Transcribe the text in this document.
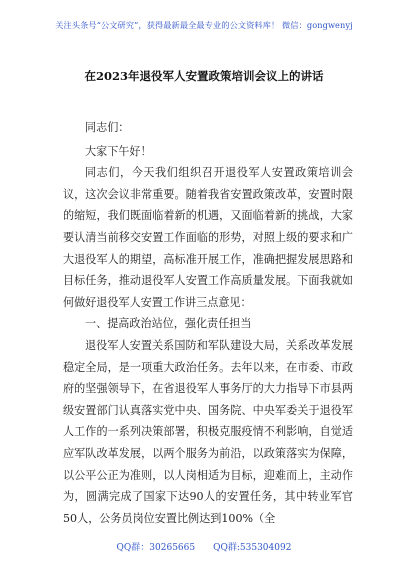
关注头条号“公文研究”，获得最新最全最专业的公文资料库！ 微信：gongwenyj
在2023年退役军人安置政策培训会议上的讲话

同志们：

大家下午好！

同志们，今天我们组织召开退役军人安置政策培训会议，这次会议非常重要。随着我省安置政策改革，安置时限的缩短，我们既面临着新的机遇，又面临着新的挑战，大家要认清当前移交安置工作面临的形势，对照上级的要求和广大退役军人的期望，高标准开展工作，准确把握发展思路和目标任务，推动退役军人安置工作高质量发展。下面我就如何做好退役军人安置工作讲三点意见：

一、提高政治站位，强化责任担当

退役军人安置关系国防和军队建设大局，关系改革发展稳定全局，是一项重大政治任务。去年以来，在市委、市政府的坚强领导下，在省退役军人事务厅的大力指导下市县两级安置部门认真落实党中央、国务院、中央军委关于退役军人工作的一系列决策部署，积极克服疫情不利影响，自觉适应军队改革发展，以两个服务为前沿，以政策落实为保障，以公平公正为准则，以人岗相适为目标，迎难而上，主动作为，圆满完成了国家下达90人的安置任务，其中转业军官50人，公务员岗位安置比例达到100%（全

QQ群：30265665 QQ群:535304092
